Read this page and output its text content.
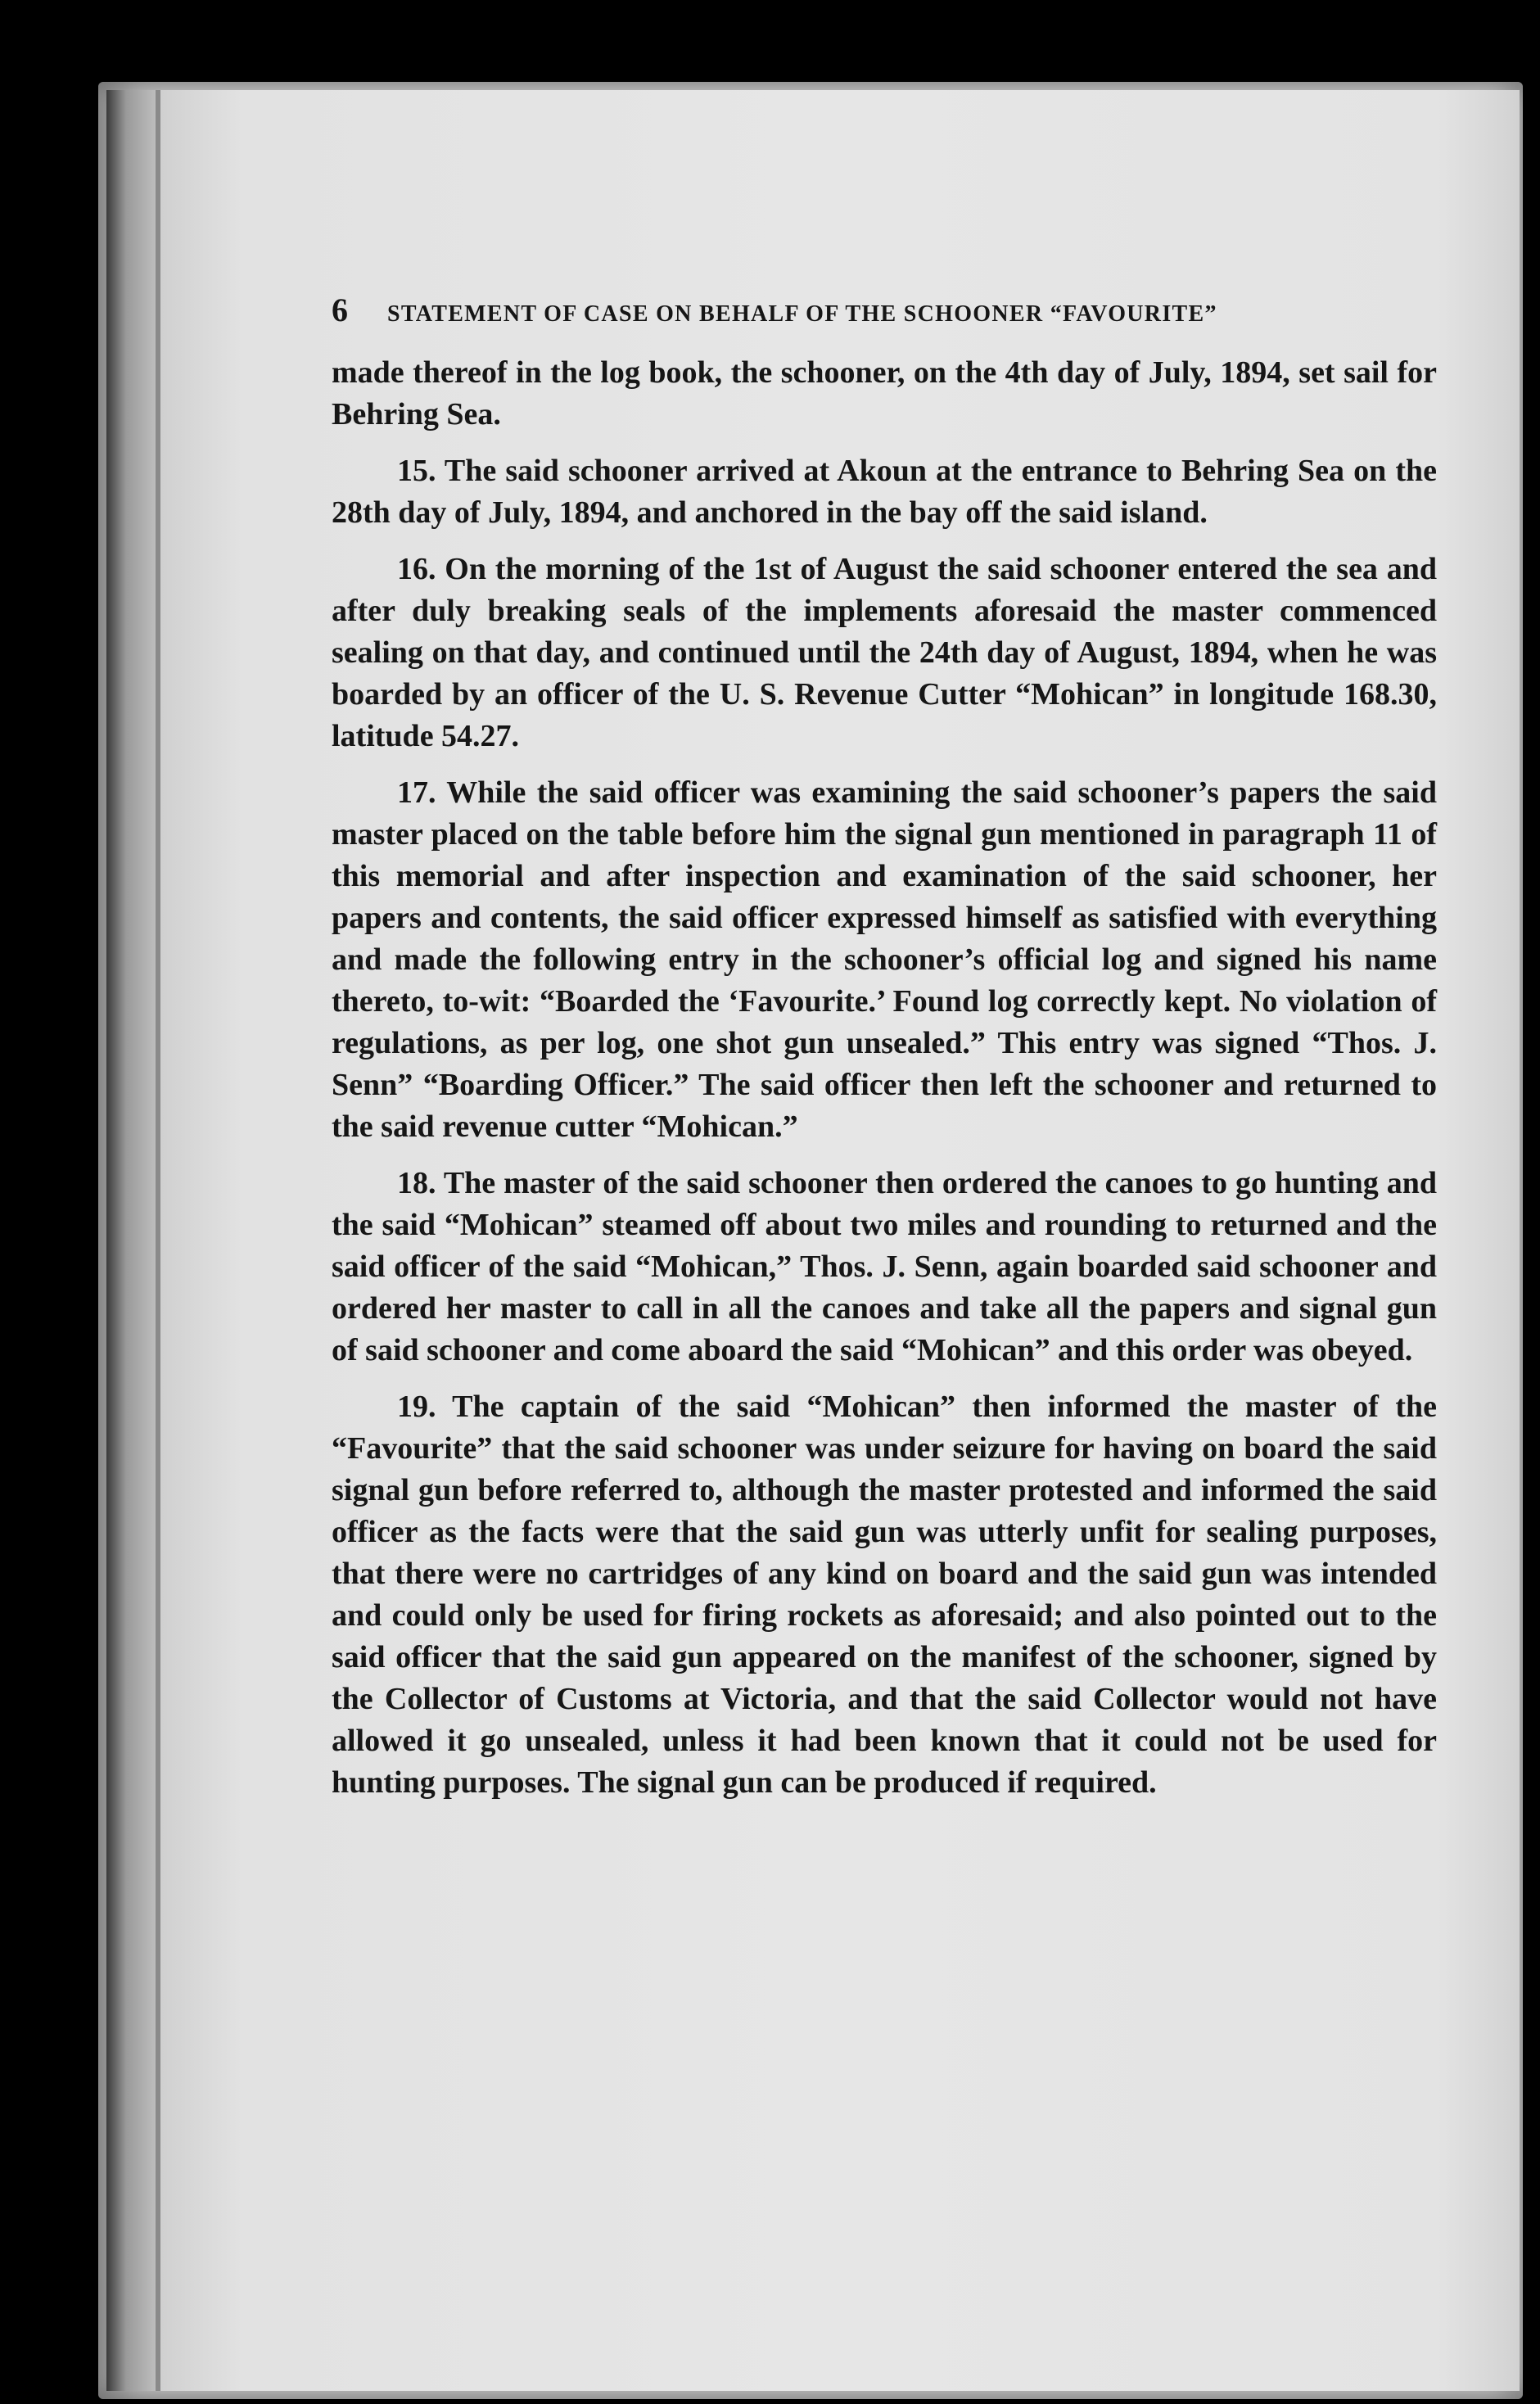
6	STATEMENT OF CASE ON BEHALF OF THE SCHOONER “FAVOURITE”

made thereof in the log book, the schooner, on the 4th day of July, 1894, set sail for Behring Sea.

15. The said schooner arrived at Akoun at the entrance to Behring Sea on the 28th day of July, 1894, and anchored in the bay off the said island.

16. On the morning of the 1st of August the said schooner entered the sea and after duly breaking seals of the implements aforesaid the master commenced sealing on that day, and continued until the 24th day of August, 1894, when he was boarded by an officer of the U. S. Revenue Cutter “Mohican” in longitude 168.30, latitude 54.27.

17. While the said officer was examining the said schooner’s papers the said master placed on the table before him the signal gun mentioned in paragraph 11 of this memorial and after inspection and examination of the said schooner, her papers and contents, the said officer expressed himself as satisfied with everything and made the following entry in the schooner’s official log and signed his name thereto, to-wit: “Boarded the ‘Favourite.’ Found log correctly kept. No violation of regulations, as per log, one shot gun unsealed.” This entry was signed “Thos. J. Senn” “Boarding Officer.” The said officer then left the schooner and returned to the said revenue cutter “Mohican.”

18. The master of the said schooner then ordered the canoes to go hunting and the said “Mohican” steamed off about two miles and rounding to returned and the said officer of the said “Mohican,” Thos. J. Senn, again boarded said schooner and ordered her master to call in all the canoes and take all the papers and signal gun of said schooner and come aboard the said “Mohican” and this order was obeyed.

19. The captain of the said “Mohican” then informed the master of the “Favourite” that the said schooner was under seizure for having on board the said signal gun before referred to, although the master protested and informed the said officer as the facts were that the said gun was utterly unfit for sealing purposes, that there were no cartridges of any kind on board and the said gun was intended and could only be used for firing rockets as aforesaid; and also pointed out to the said officer that the said gun appeared on the manifest of the schooner, signed by the Collector of Customs at Victoria, and that the said Collector would not have allowed it go unsealed, unless it had been known that it could not be used for hunting purposes. The signal gun can be produced if required.
